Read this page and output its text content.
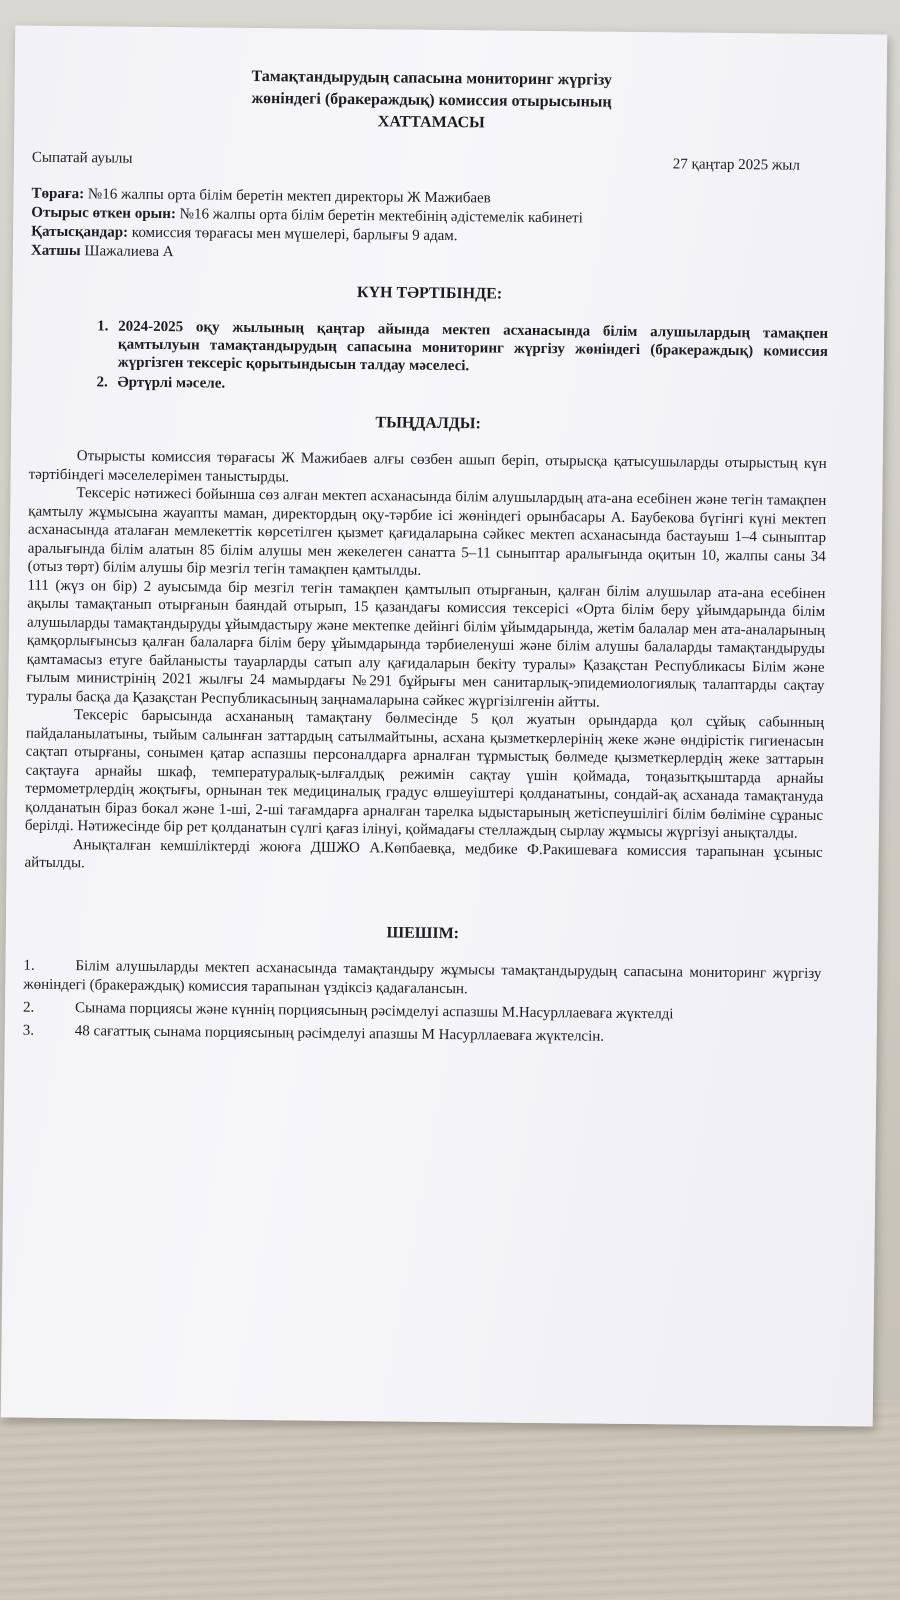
Тамақтандырудың сапасына мониторинг жүргізу
жөніндегі (бракераждық) комиссия отырысының
ХАТТАМАСЫ
Сыпатай ауылы	27 қаңтар 2025 жыл
Төраға: №16 жалпы орта білім беретін мектеп директоры Ж Мажибаев
Отырыс өткен орын: №16 жалпы орта білім беретін мектебінің әдістемелік кабинеті
Қатысқандар: комиссия төрағасы мен мүшелері, барлығы 9 адам.
Хатшы Шажалиева А
КҮН ТӘРТІБІНДЕ:
1. 2024-2025 оқу жылының қаңтар айында мектеп асханасында білім алушылардың тамақпен қамтылуын тамақтандырудың сапасына мониторинг жүргізу жөніндегі (бракераждық) комиссия жүргізген тексеріс қорытындысын талдау мәселесі.
2. Әртүрлі мәселе.
ТЫҢДАЛДЫ:

Отырысты комиссия төрағасы Ж Мажибаев алғы сөзбен ашып беріп, отырысқа қатысушыларды отырыстың күн тәртібіндегі мәселелерімен таныстырды.

Тексеріс нәтижесі бойынша сөз алған мектеп асханасында білім алушылардың ата-ана есебінен және тегін тамақпен қамтылу жұмысына жауапты маман, директордың оқу-тәрбие ісі жөніндегі орынбасары А. Баубекова бүгінгі күні мектеп асханасында аталаған мемлекеттік көрсетілген қызмет қағидаларына сәйкес мектеп асханасында бастауыш 1–4 сыныптар аралығында білім алатын 85 білім алушы мен жекелеген санатта 5–11 сыныптар аралығында оқитын 10, жалпы саны 34 (отыз төрт) білім алушы бір мезгіл тегін тамақпен қамтылды.

111 (жүз он бір) 2 ауысымда бір мезгіл тегін тамақпен қамтылып отырғанын, қалған білім алушылар ата-ана есебінен ақылы тамақтанып отырғанын баяндай отырып, 15 қазандағы комиссия тексерісі «Орта білім беру ұйымдарында білім алушыларды тамақтандыруды ұйымдастыру және мектепке дейінгі білім ұйымдарында, жетім балалар мен ата-аналарының қамқорлығынсыз қалған балаларға білім беру ұйымдарында тәрбиеленуші және білім алушы балаларды тамақтандыруды қамтамасыз етуге байланысты тауарларды сатып алу қағидаларын бекіту туралы» Қазақстан Республикасы Білім және ғылым министрінің 2021 жылғы 24 мамырдағы №291 бұйрығы мен санитарлық-эпидемиологиялық талаптарды сақтау туралы басқа да Қазақстан Республикасының заңнамаларына сәйкес жүргізілгенін айтты.

Тексеріс барысында асхананың тамақтану бөлмесінде 5 қол жуатын орындарда қол сұйық сабынның пайдаланылатыны, тыйым салынған заттардың сатылмайтыны, асхана қызметкерлерінің жеке және өндірістік гигиенасын сақтап отырғаны, сонымен қатар аспазшы персоналдарға арналған тұрмыстық бөлмеде қызметкерлердің жеке заттарын сақтауға арнайы шкаф, температуралық-ылғалдық режимін сақтау үшін қоймада, тоңазытқыштарда арнайы термометрлердің жоқтығы, орнынан тек медициналық градус өлшеуіштері қолданатыны, сондай-ақ асханада тамақтануда қолданатын біраз бокал және 1-ші, 2-ші тағамдарға арналған тарелка ыдыстарының жетіспеушілігі білім бөліміне сұраныс берілді. Нәтижесінде бір рет қолданатын сүлгі қағаз ілінуі, қоймадағы стеллаждың сырлау жұмысы жүргізуі анықталды.

Анықталған кемшіліктерді жоюға ДШЖО А.Көпбаевқа, медбике Ф.Ракишеваға комиссия тарапынан ұсыныс айтылды.

ШЕШІМ:
1.	Білім алушыларды мектеп асханасында тамақтандыру жұмысы тамақтандырудың сапасына мониторинг жүргізу жөніндегі (бракераждық) комиссия тарапынан үздіксіз қадағалансын.
2.	Сынама порциясы және күннің порциясының рәсімделуі аспазшы М.Насурллаеваға жүктелді
3.	48 сағаттық сынама порциясының рәсімделуі апазшы М Насурллаеваға жүктелсін.
